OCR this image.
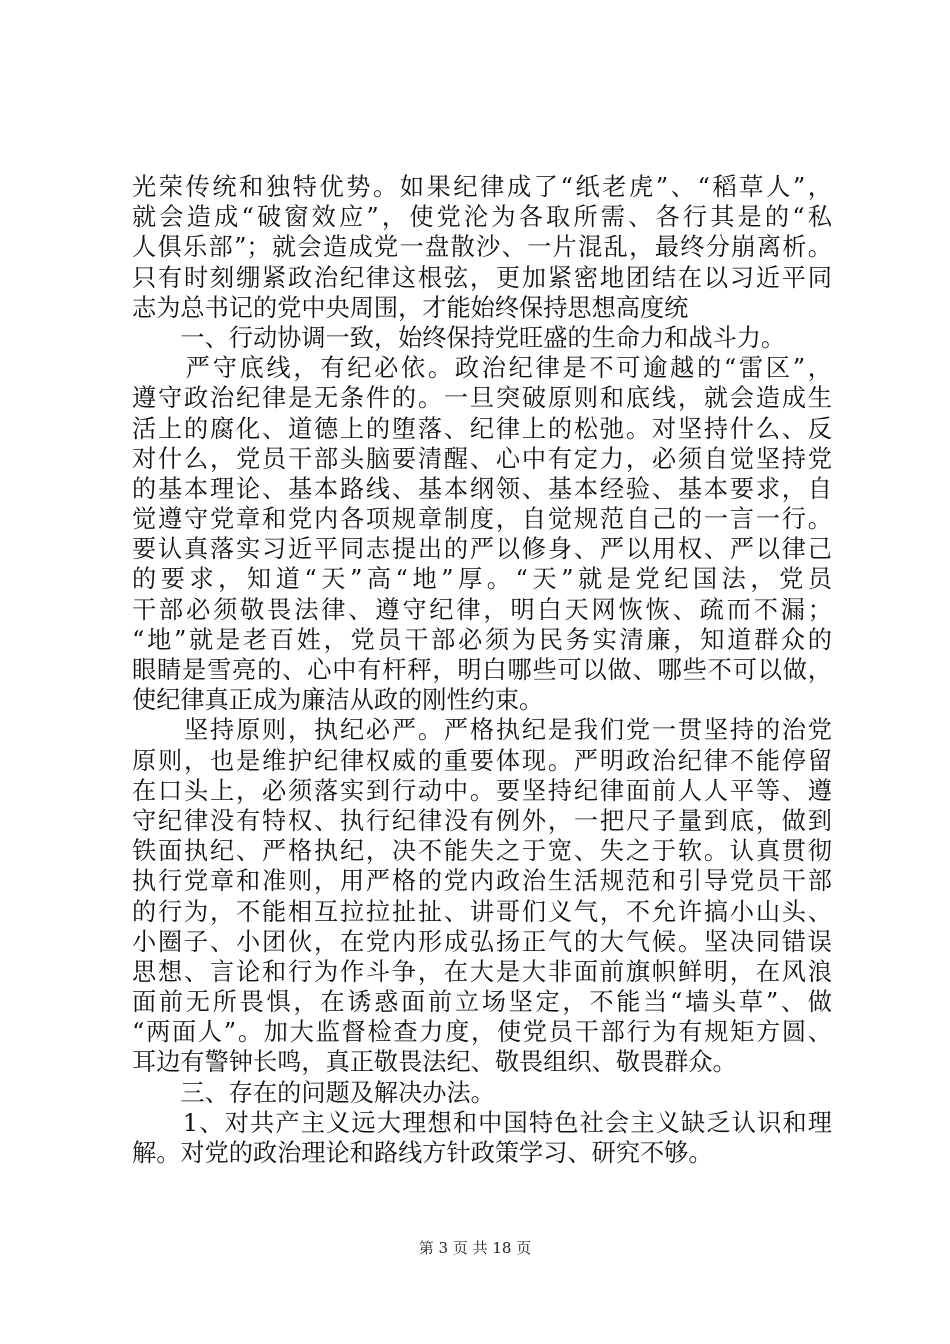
光荣传统和独特优势。如果纪律成了“纸老虎”、“稻草人”，
就会造成“破窗效应”，使党沦为各取所需、各行其是的“私
人俱乐部”；就会造成党一盘散沙、一片混乱，最终分崩离析。
只有时刻绷紧政治纪律这根弦，更加紧密地团结在以习近平同
志为总书记的党中央周围，才能始终保持思想高度统
　　一、行动协调一致，始终保持党旺盛的生命力和战斗力。
　　严守底线，有纪必依。政治纪律是不可逾越的“雷区”，
遵守政治纪律是无条件的。一旦突破原则和底线，就会造成生
活上的腐化、道德上的堕落、纪律上的松弛。对坚持什么、反
对什么，党员干部头脑要清醒、心中有定力，必须自觉坚持党
的基本理论、基本路线、基本纲领、基本经验、基本要求，自
觉遵守党章和党内各项规章制度，自觉规范自己的一言一行。
要认真落实习近平同志提出的严以修身、严以用权、严以律己
的要求，知道“天”高“地”厚。“天”就是党纪国法，党员
干部必须敬畏法律、遵守纪律，明白天网恢恢、疏而不漏；
“地”就是老百姓，党员干部必须为民务实清廉，知道群众的
眼睛是雪亮的、心中有杆秤，明白哪些可以做、哪些不可以做，
使纪律真正成为廉洁从政的刚性约束。
　　坚持原则，执纪必严。严格执纪是我们党一贯坚持的治党
原则，也是维护纪律权威的重要体现。严明政治纪律不能停留
在口头上，必须落实到行动中。要坚持纪律面前人人平等、遵
守纪律没有特权、执行纪律没有例外，一把尺子量到底，做到
铁面执纪、严格执纪，决不能失之于宽、失之于软。认真贯彻
执行党章和准则，用严格的党内政治生活规范和引导党员干部
的行为，不能相互拉拉扯扯、讲哥们义气，不允许搞小山头、
小圈子、小团伙，在党内形成弘扬正气的大气候。坚决同错误
思想、言论和行为作斗争，在大是大非面前旗帜鲜明，在风浪
面前无所畏惧，在诱惑面前立场坚定，不能当“墙头草”、做
“两面人”。加大监督检查力度，使党员干部行为有规矩方圆、
耳边有警钟长鸣，真正敬畏法纪、敬畏组织、敬畏群众。
　　三、存在的问题及解决办法。
　　1、对共产主义远大理想和中国特色社会主义缺乏认识和理
解。对党的政治理论和路线方针政策学习、研究不够。
第 3 页 共 18 页
